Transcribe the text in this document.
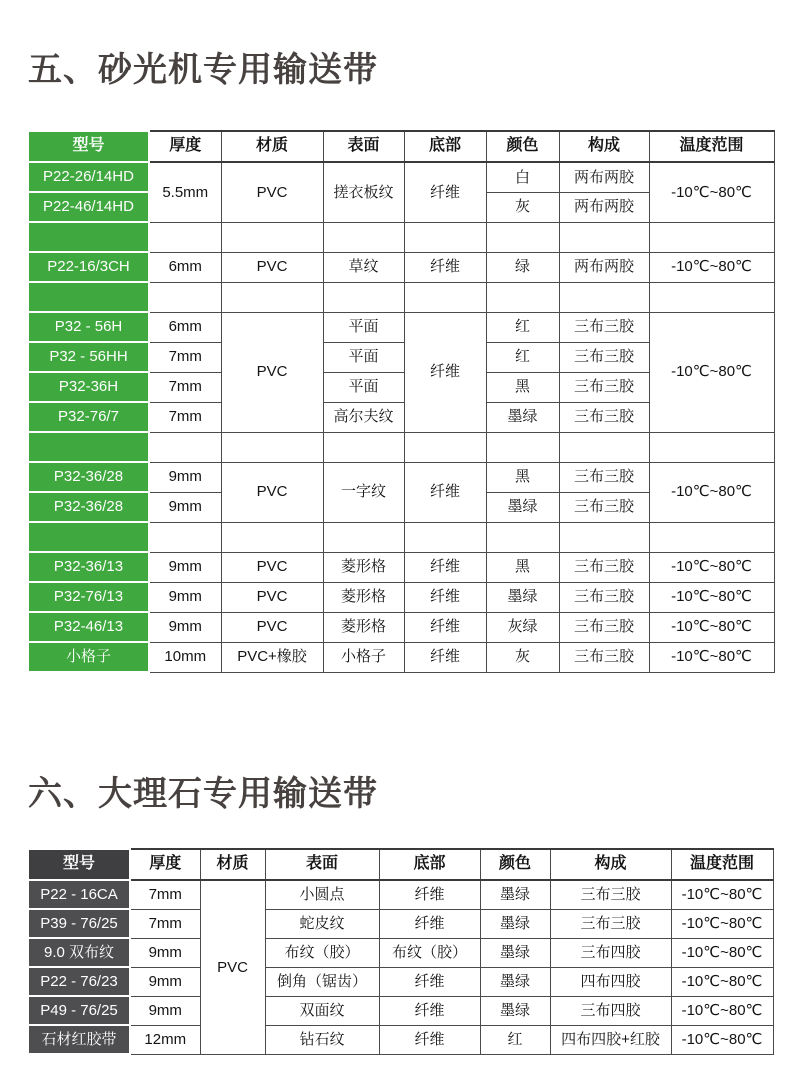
五、砂光机专用输送带
型号	厚度	材质	表面	底部	颜色	构成	温度范围
P22-26/14HD	5.5mm	PVC	搓衣板纹	纤维	白	两布两胶	-10℃~80℃
P22-46/14HD					灰	两布两胶	

P22-16/3CH	6mm	PVC	草纹	纤维	绿	两布两胶	-10℃~80℃

P32 - 56H	6mm	PVC	平面	纤维	红	三布三胶	-10℃~80℃
P32 - 56HH	7mm		平面		红	三布三胶	
P32-36H	7mm		平面		黑	三布三胶	
P32-76/7	7mm		高尔夫纹		墨绿	三布三胶	

P32-36/28	9mm	PVC	一字纹	纤维	黑	三布三胶	-10℃~80℃
P32-36/28	9mm				墨绿	三布三胶	

P32-36/13	9mm	PVC	菱形格	纤维	黑	三布三胶	-10℃~80℃
P32-76/13	9mm	PVC	菱形格	纤维	墨绿	三布三胶	-10℃~80℃
P32-46/13	9mm	PVC	菱形格	纤维	灰绿	三布三胶	-10℃~80℃
小格子	10mm	PVC+橡胶	小格子	纤维	灰	三布三胶	-10℃~80℃
六、大理石专用输送带
型号	厚度	材质	表面	底部	颜色	构成	温度范围
P22 - 16CA	7mm	PVC	小圆点	纤维	墨绿	三布三胶	-10℃~80℃
P39 - 76/25	7mm		蛇皮纹	纤维	墨绿	三布三胶	-10℃~80℃
9.0 双布纹	9mm		布纹（胶）	布纹（胶）	墨绿	三布四胶	-10℃~80℃
P22 - 76/23	9mm		倒角（锯齿）	纤维	墨绿	四布四胶	-10℃~80℃
P49 - 76/25	9mm		双面纹	纤维	墨绿	三布四胶	-10℃~80℃
石材红胶带	12mm		钻石纹	纤维	红	四布四胶+红胶	-10℃~80℃
